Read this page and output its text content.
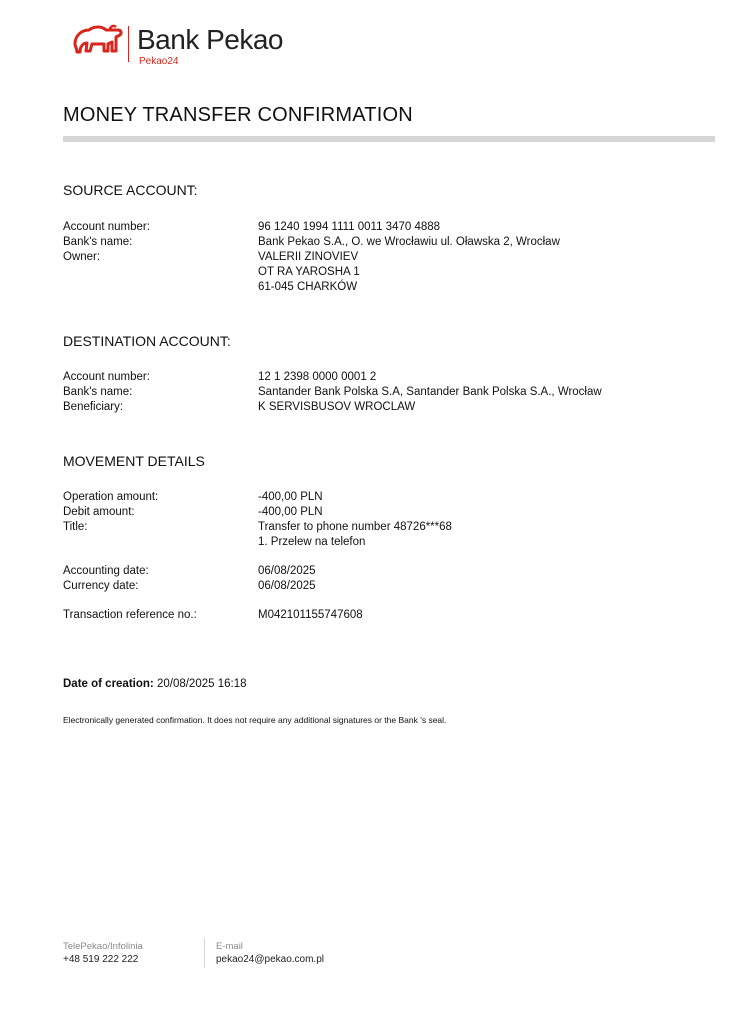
Bank Pekao
Pekao24
MONEY TRANSFER CONFIRMATION
SOURCE ACCOUNT:
Account number:	96 1240 1994 1111 0011 3470 4888
Bank's name:	Bank Pekao S.A., O. we Wrocławiu ul. Oławska 2, Wrocław
Owner:	VALERII ZINOVIEV
OT RA YAROSHA 1
61-045 CHARKÓW
DESTINATION ACCOUNT:
Account number:	12 1 2398 0000 0001 2
Bank's name:	Santander Bank Polska S.A, Santander Bank Polska S.A., Wrocław
Beneficiary:	K SERVISBUSOV WROCLAW
MOVEMENT DETAILS
Operation amount:	-400,00 PLN
Debit amount:	-400,00 PLN
Title:	Transfer to phone number 48726***68
1. Przelew na telefon
Accounting date:	06/08/2025
Currency date:	06/08/2025
Transaction reference no.:	M042101155747608
Date of creation: 20/08/2025 16:18
Electronically generated confirmation. It does not require any additional signatures or the Bank 's seal.
TelePekao/Infolinia
+48 519 222 222
E-mail
pekao24@pekao.com.pl
